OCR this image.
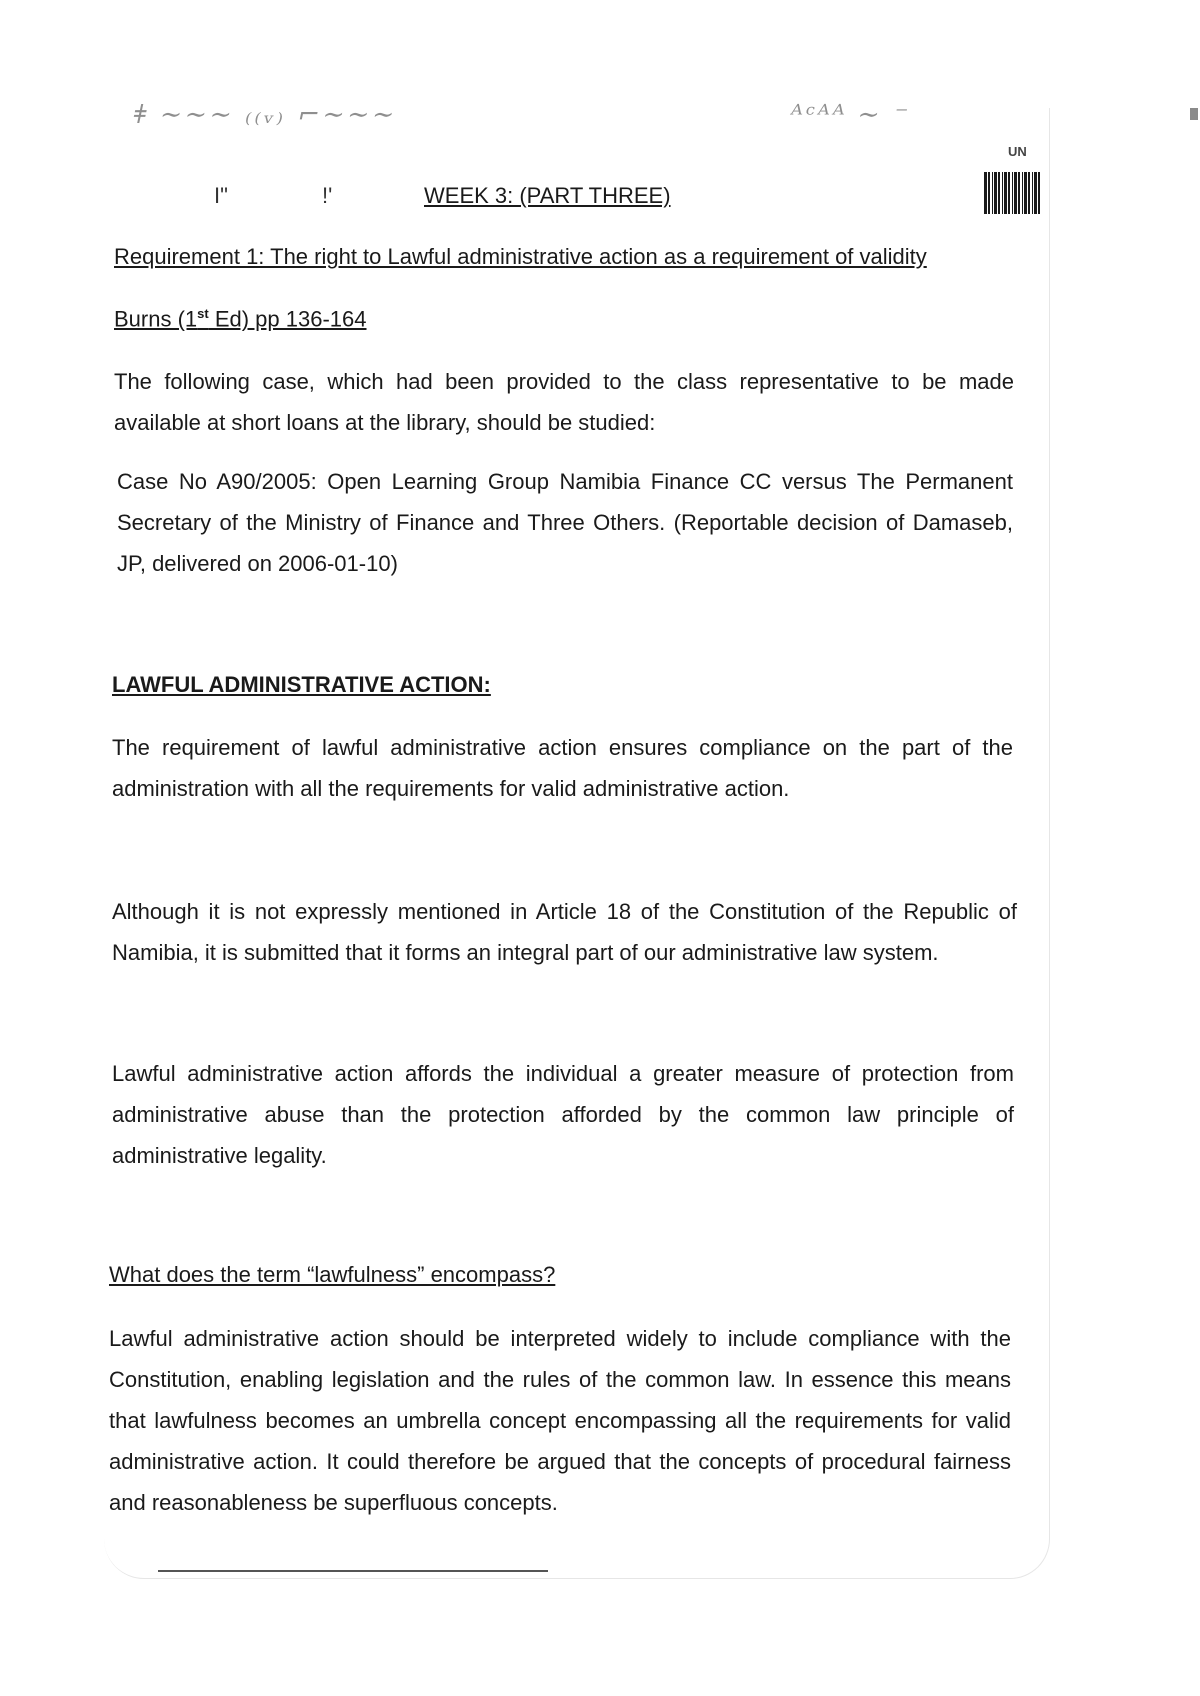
ǂ ~~~ ₍₍ᵥ₎ ⌐~~~	ᴬᶜᴬᴬ ~ ⁻
UN
I"	!'	WEEK 3: (PART THREE)
Requirement 1: The right to Lawful administrative action as a requirement of validity
Burns (1st Ed) pp 136-164
The following case, which had been provided to the class representative to be made available at short loans at the library, should be studied:
Case No A90/2005: Open Learning Group Namibia Finance CC versus The Permanent Secretary of the Ministry of Finance and Three Others. (Reportable decision of Damaseb, JP, delivered on 2006-01-10)
LAWFUL ADMINISTRATIVE ACTION:
The requirement of lawful administrative action ensures compliance on the part of the administration with all the requirements for valid administrative action.
Although it is not expressly mentioned in Article 18 of the Constitution of the Republic of Namibia, it is submitted that it forms an integral part of our administrative law system.
Lawful administrative action affords the individual a greater measure of protection from administrative abuse than the protection afforded by the common law principle of administrative legality.
What does the term “lawfulness” encompass?
Lawful administrative action should be interpreted widely to include compliance with the Constitution, enabling legislation and the rules of the common law. In essence this means that lawfulness becomes an umbrella concept encompassing all the requirements for valid administrative action. It could therefore be argued that the concepts of procedural fairness and reasonableness be superfluous concepts.
